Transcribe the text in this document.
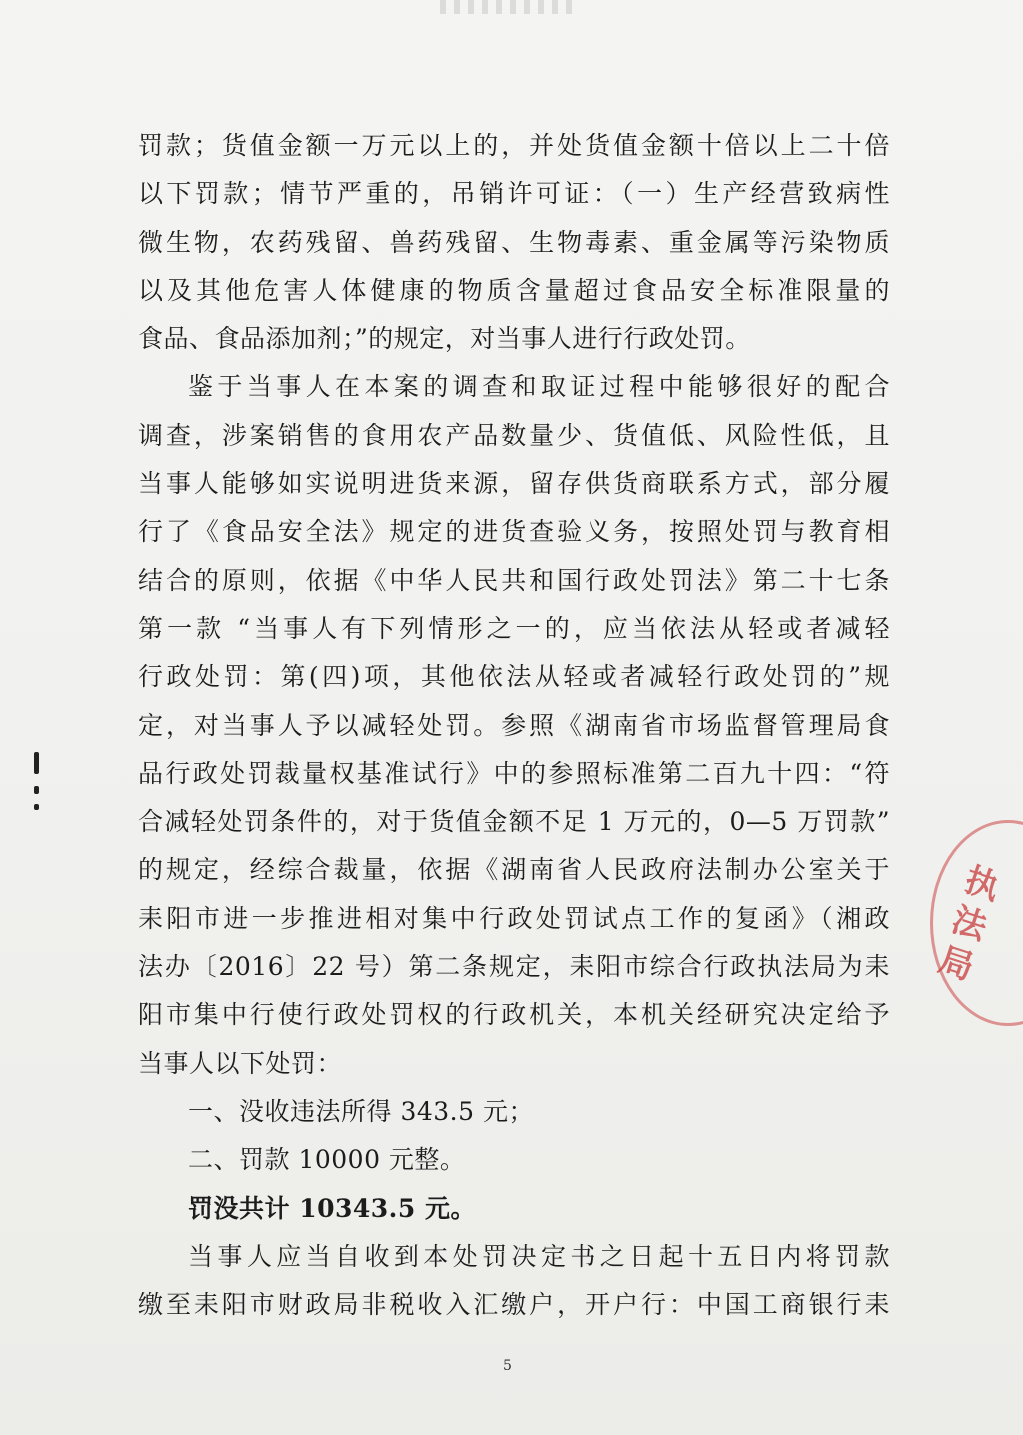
罚款；货值金额一万元以上的，并处货值金额十倍以上二十倍
以下罚款；情节严重的，吊销许可证：（一）生产经营致病性
微生物，农药残留、兽药残留、生物毒素、重金属等污染物质
以及其他危害人体健康的物质含量超过食品安全标准限量的
食品、食品添加剂；”的规定，对当事人进行行政处罚。
鉴于当事人在本案的调查和取证过程中能够很好的配合
调查，涉案销售的食用农产品数量少、货值低、风险性低，且
当事人能够如实说明进货来源，留存供货商联系方式，部分履
行了《食品安全法》规定的进货查验义务，按照处罚与教育相
结合的原则，依据《中华人民共和国行政处罚法》第二十七条
第一款 “当事人有下列情形之一的，应当依法从轻或者减轻
行政处罚：第(四)项，其他依法从轻或者减轻行政处罚的”规
定，对当事人予以减轻处罚。参照《湖南省市场监督管理局食
品行政处罚裁量权基准试行》中的参照标准第二百九十四：“符
合减轻处罚条件的，对于货值金额不足 1 万元的，0—5 万罚款”
的规定，经综合裁量，依据《湖南省人民政府法制办公室关于
耒阳市进一步推进相对集中行政处罚试点工作的复函》（湘政
法办〔2016〕22 号）第二条规定，耒阳市综合行政执法局为耒
阳市集中行使行政处罚权的行政机关，本机关经研究决定给予
当事人以下处罚：
一、没收违法所得 343.5 元；
二、罚款 10000 元整。
罚没共计 10343.5 元。
当事人应当自收到本处罚决定书之日起十五日内将罚款
缴至耒阳市财政局非税收入汇缴户，开户行：中国工商银行耒
执法局
5
